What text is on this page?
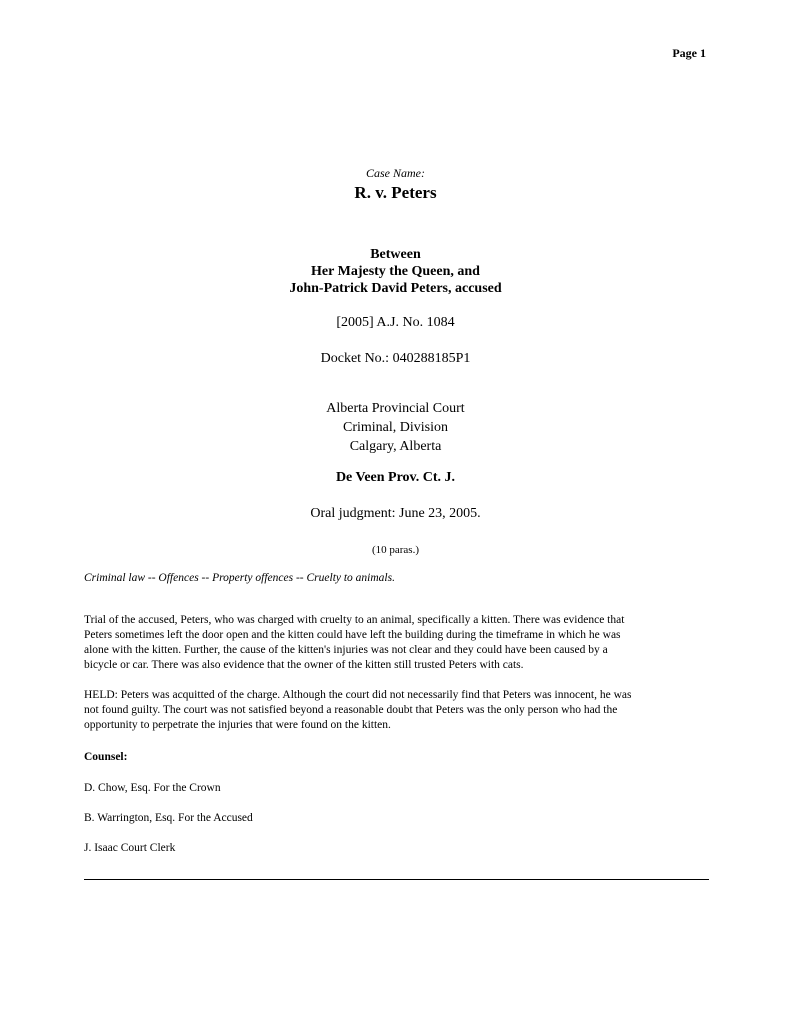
Page 1
Case Name:
R. v. Peters
Between
Her Majesty the Queen, and
John-Patrick David Peters, accused
[2005] A.J. No. 1084
Docket No.: 040288185P1
Alberta Provincial Court
Criminal, Division
Calgary, Alberta
De Veen Prov. Ct. J.
Oral judgment: June 23, 2005.
(10 paras.)
Criminal law -- Offences -- Property offences -- Cruelty to animals.
Trial of the accused, Peters, who was charged with cruelty to an animal, specifically a kitten. There was evidence that
Peters sometimes left the door open and the kitten could have left the building during the timeframe in which he was
alone with the kitten. Further, the cause of the kitten's injuries was not clear and they could have been caused by a
bicycle or car. There was also evidence that the owner of the kitten still trusted Peters with cats.
HELD: Peters was acquitted of the charge. Although the court did not necessarily find that Peters was innocent, he was
not found guilty. The court was not satisfied beyond a reasonable doubt that Peters was the only person who had the
opportunity to perpetrate the injuries that were found on the kitten.
Counsel:
D. Chow, Esq. For the Crown
B. Warrington, Esq. For the Accused
J. Isaac Court Clerk
